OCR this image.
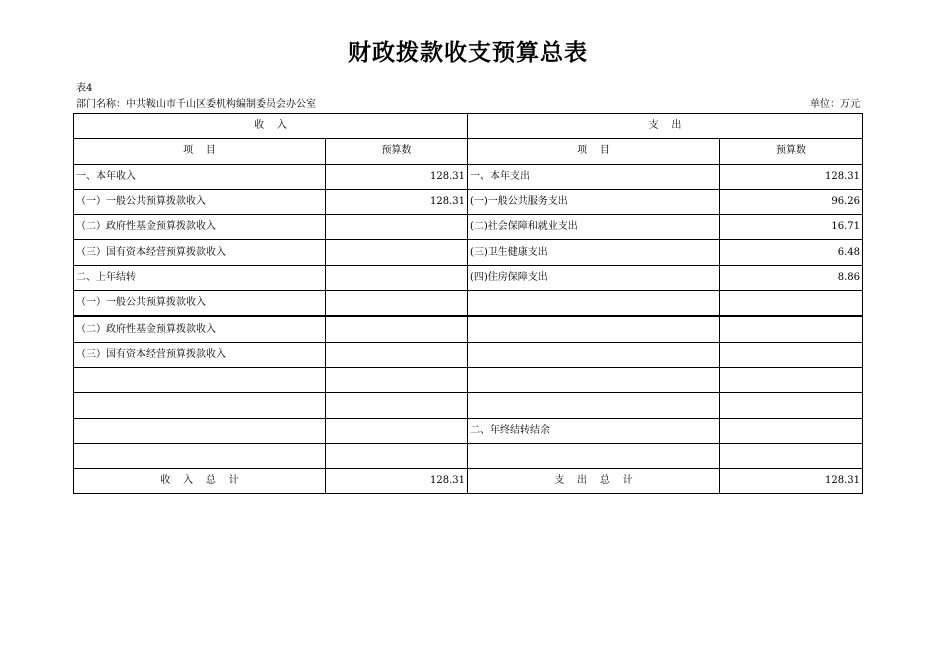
财政拨款收支预算总表
表4
部门名称：中共鞍山市千山区委机构编制委员会办公室	单位：万元
收    入		支    出	
项    目	预算数	项    目	预算数
一、本年收入	128.31	一、本年支出	128.31
（一）一般公共预算拨款收入	128.31	(一)一般公共服务支出	96.26
（二）政府性基金预算拨款收入		(二)社会保障和就业支出	16.71
（三）国有资本经营预算拨款收入		(三)卫生健康支出	6.48
二、上年结转		(四)住房保障支出	8.86
（一）一般公共预算拨款收入			
（二）政府性基金预算拨款收入			
（三）国有资本经营预算拨款收入			

		二、年终结转结余	

收    入    总    计	128.31	支    出    总    计	128.31
